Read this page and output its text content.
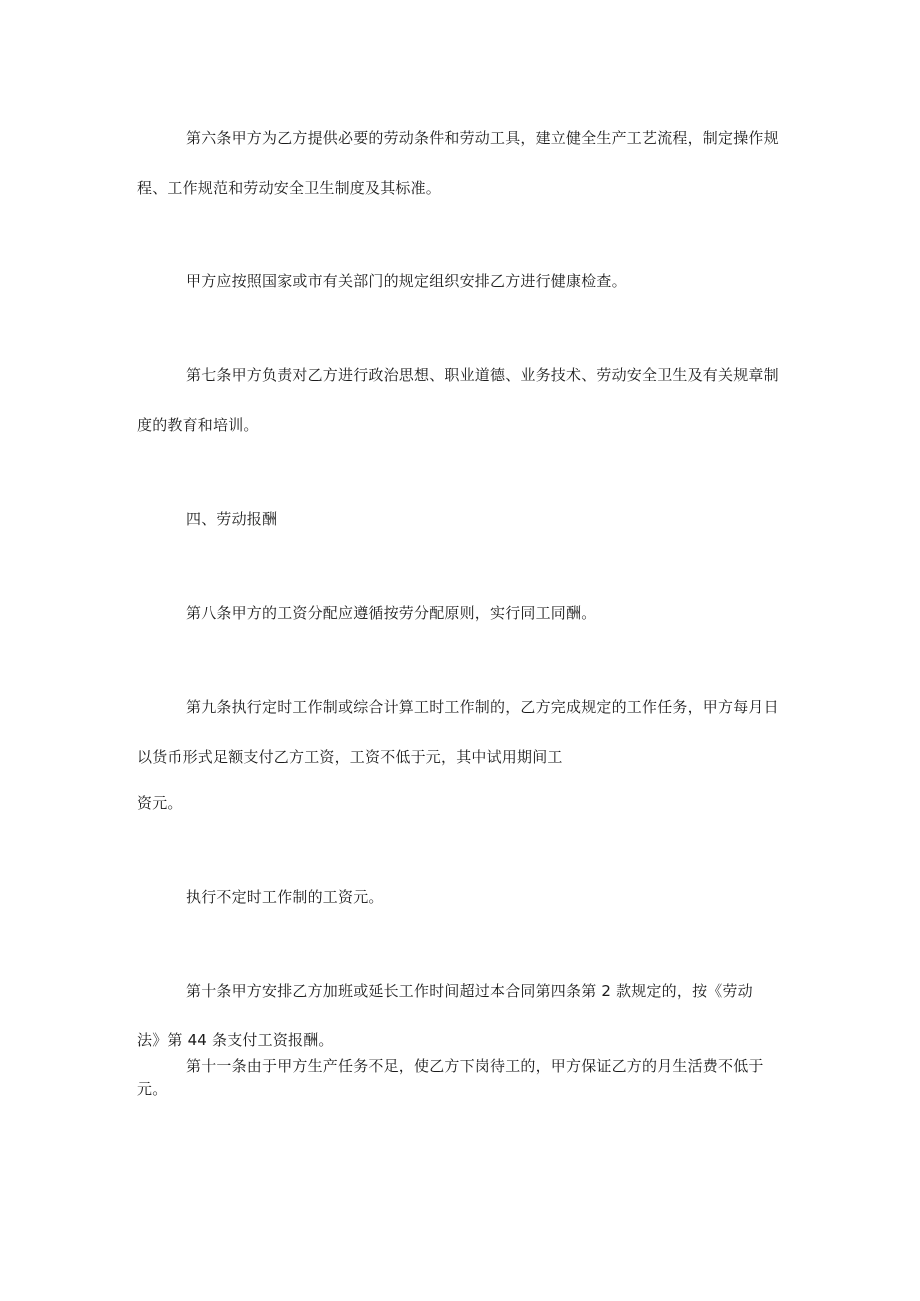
第六条甲方为乙方提供必要的劳动条件和劳动工具，建立健全生产工艺流程，制定操作规
程、工作规范和劳动安全卫生制度及其标准。
甲方应按照国家或市有关部门的规定组织安排乙方进行健康检查。
第七条甲方负责对乙方进行政治思想、职业道德、业务技术、劳动安全卫生及有关规章制
度的教育和培训。
四、劳动报酬
第八条甲方的工资分配应遵循按劳分配原则，实行同工同酬。
第九条执行定时工作制或综合计算工时工作制的，乙方完成规定的工作任务，甲方每月日
以货币形式足额支付乙方工资，工资不低于元，其中试用期间工
资元。
执行不定时工作制的工资元。
第十条甲方安排乙方加班或延长工作时间超过本合同第四条第 2 款规定的，按《劳动
法》第 44 条支付工资报酬。
第十一条由于甲方生产任务不足，使乙方下岗待工的，甲方保证乙方的月生活费不低于
元。
